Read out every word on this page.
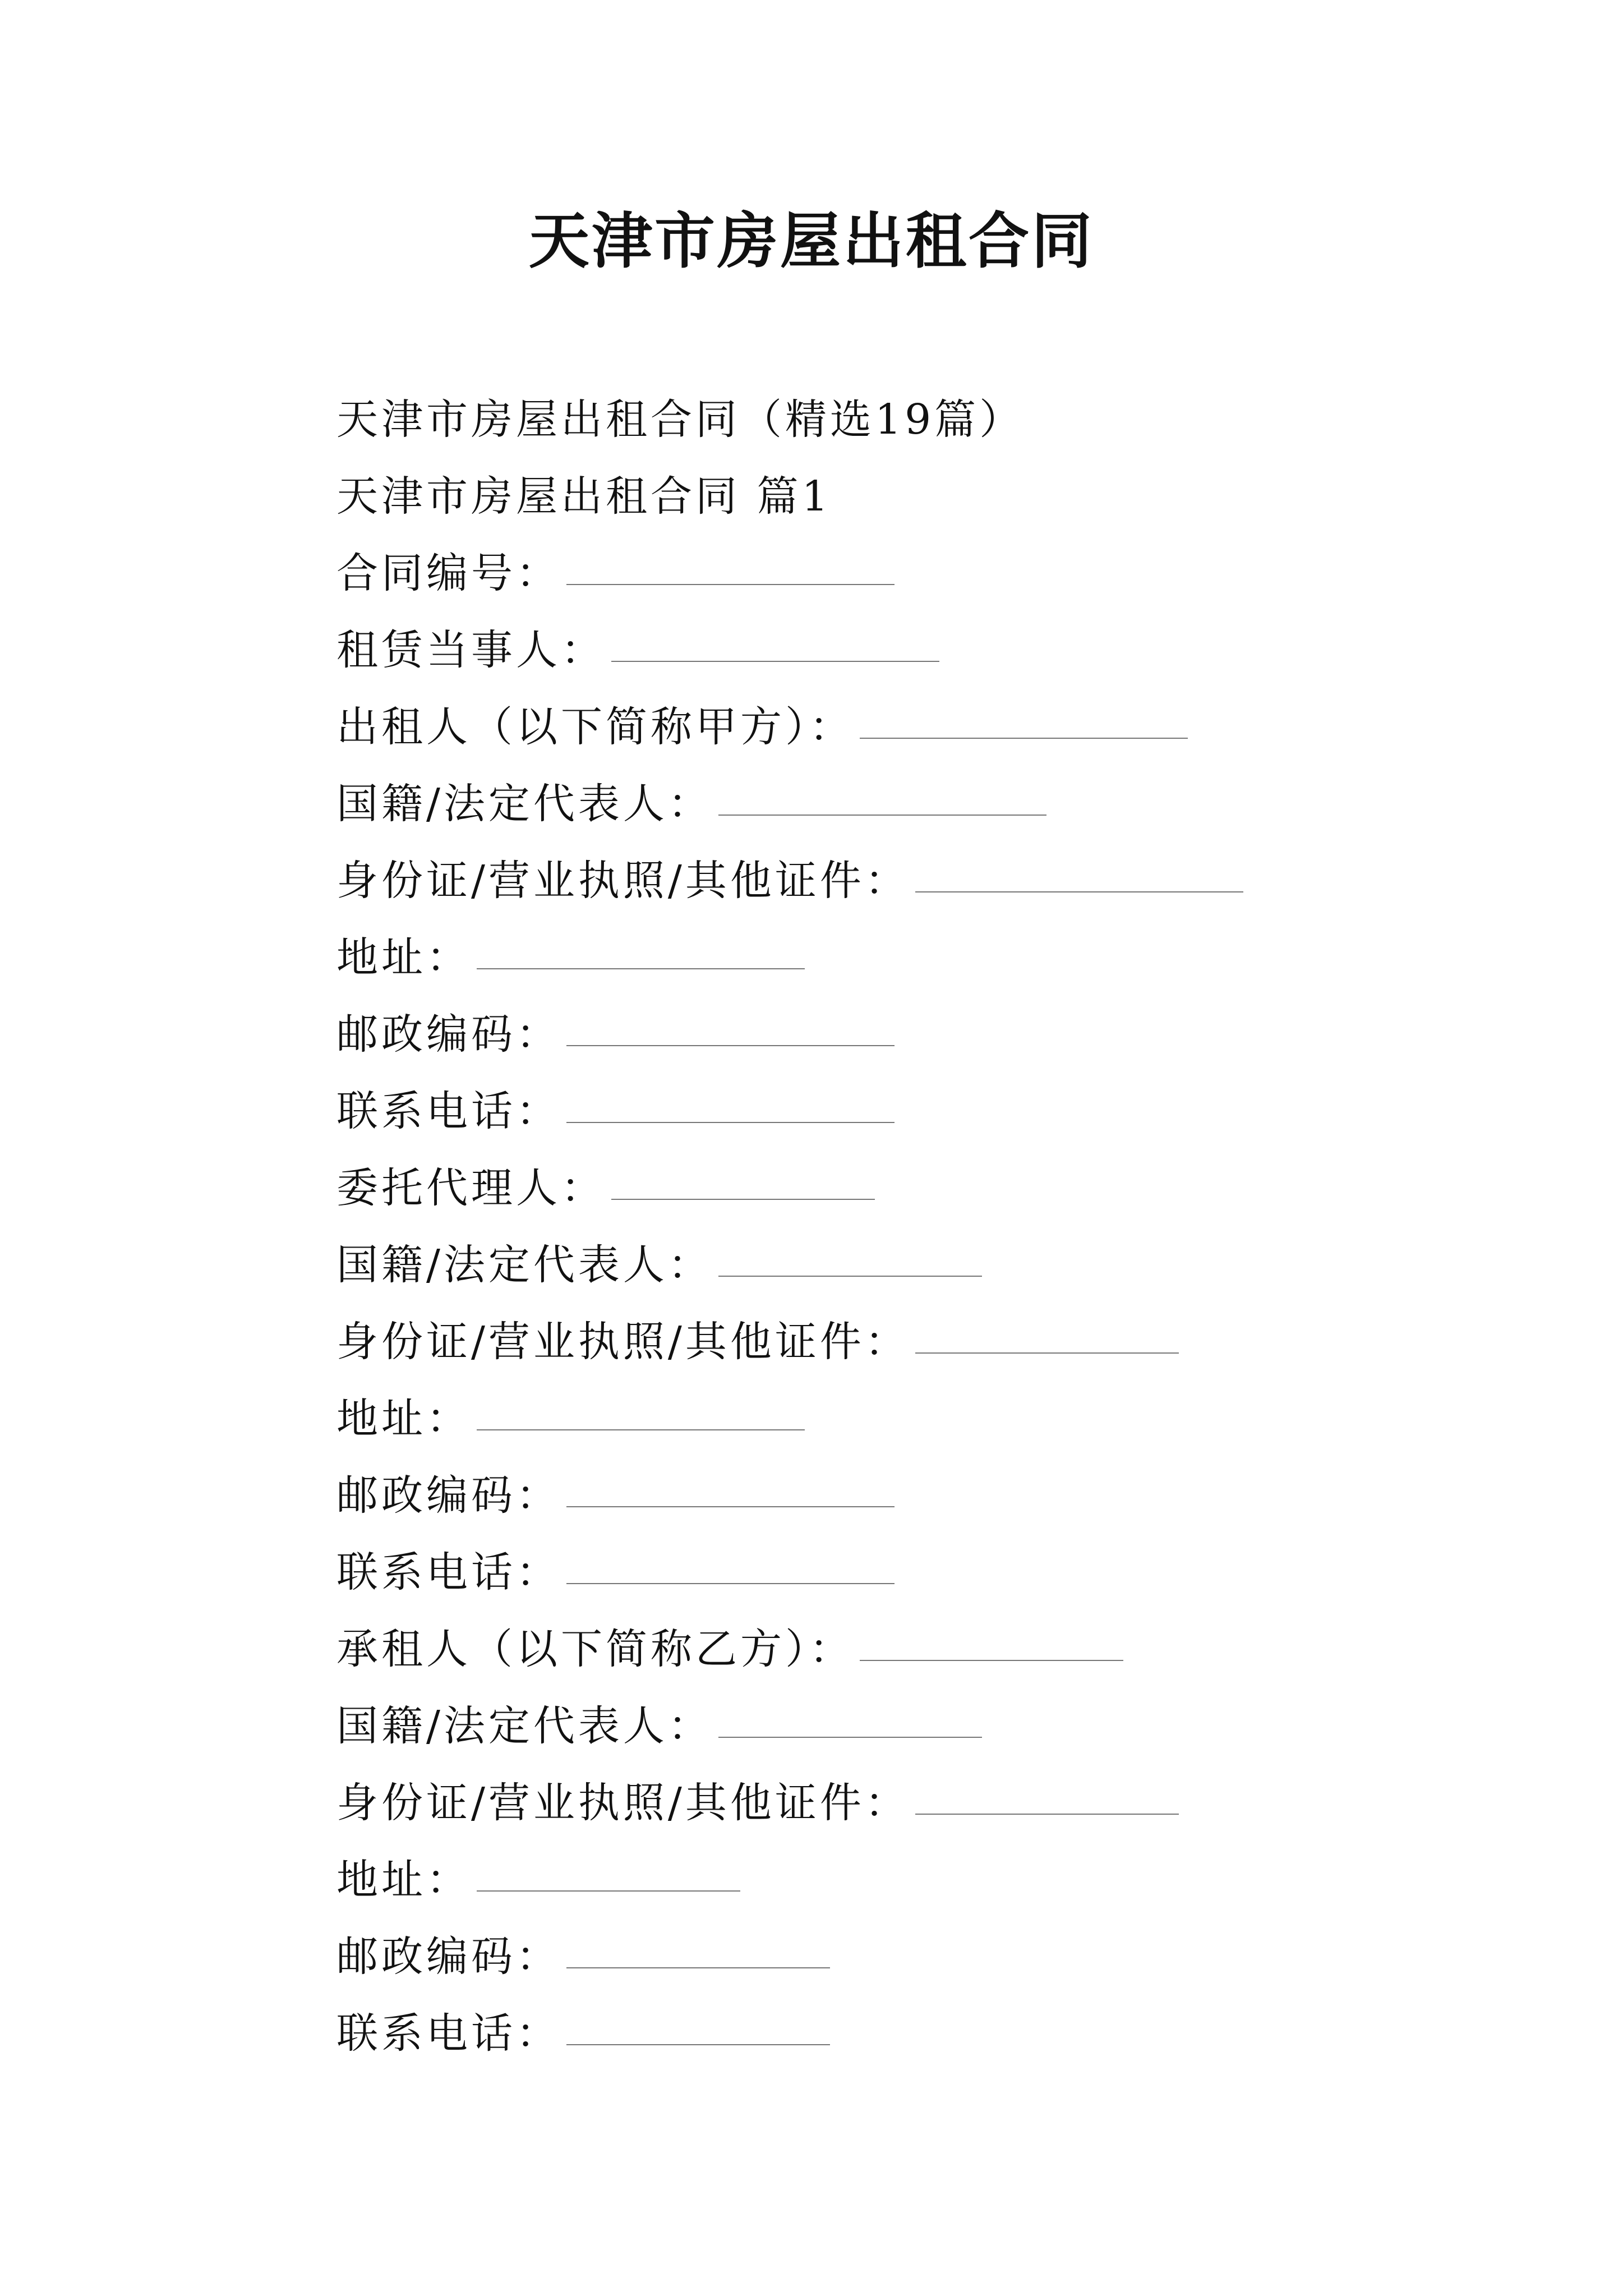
天津市房屋出租合同
天津市房屋出租合同（精选19篇）
天津市房屋出租合同 篇1
合同编号：
租赁当事人：
出租人（以下简称甲方）：
国籍/法定代表人：
身份证/营业执照/其他证件：
地址：
邮政编码：
联系电话：
委托代理人：
国籍/法定代表人：
身份证/营业执照/其他证件：
地址：
邮政编码：
联系电话：
承租人（以下简称乙方）：
国籍/法定代表人：
身份证/营业执照/其他证件：
地址：
邮政编码：
联系电话：
